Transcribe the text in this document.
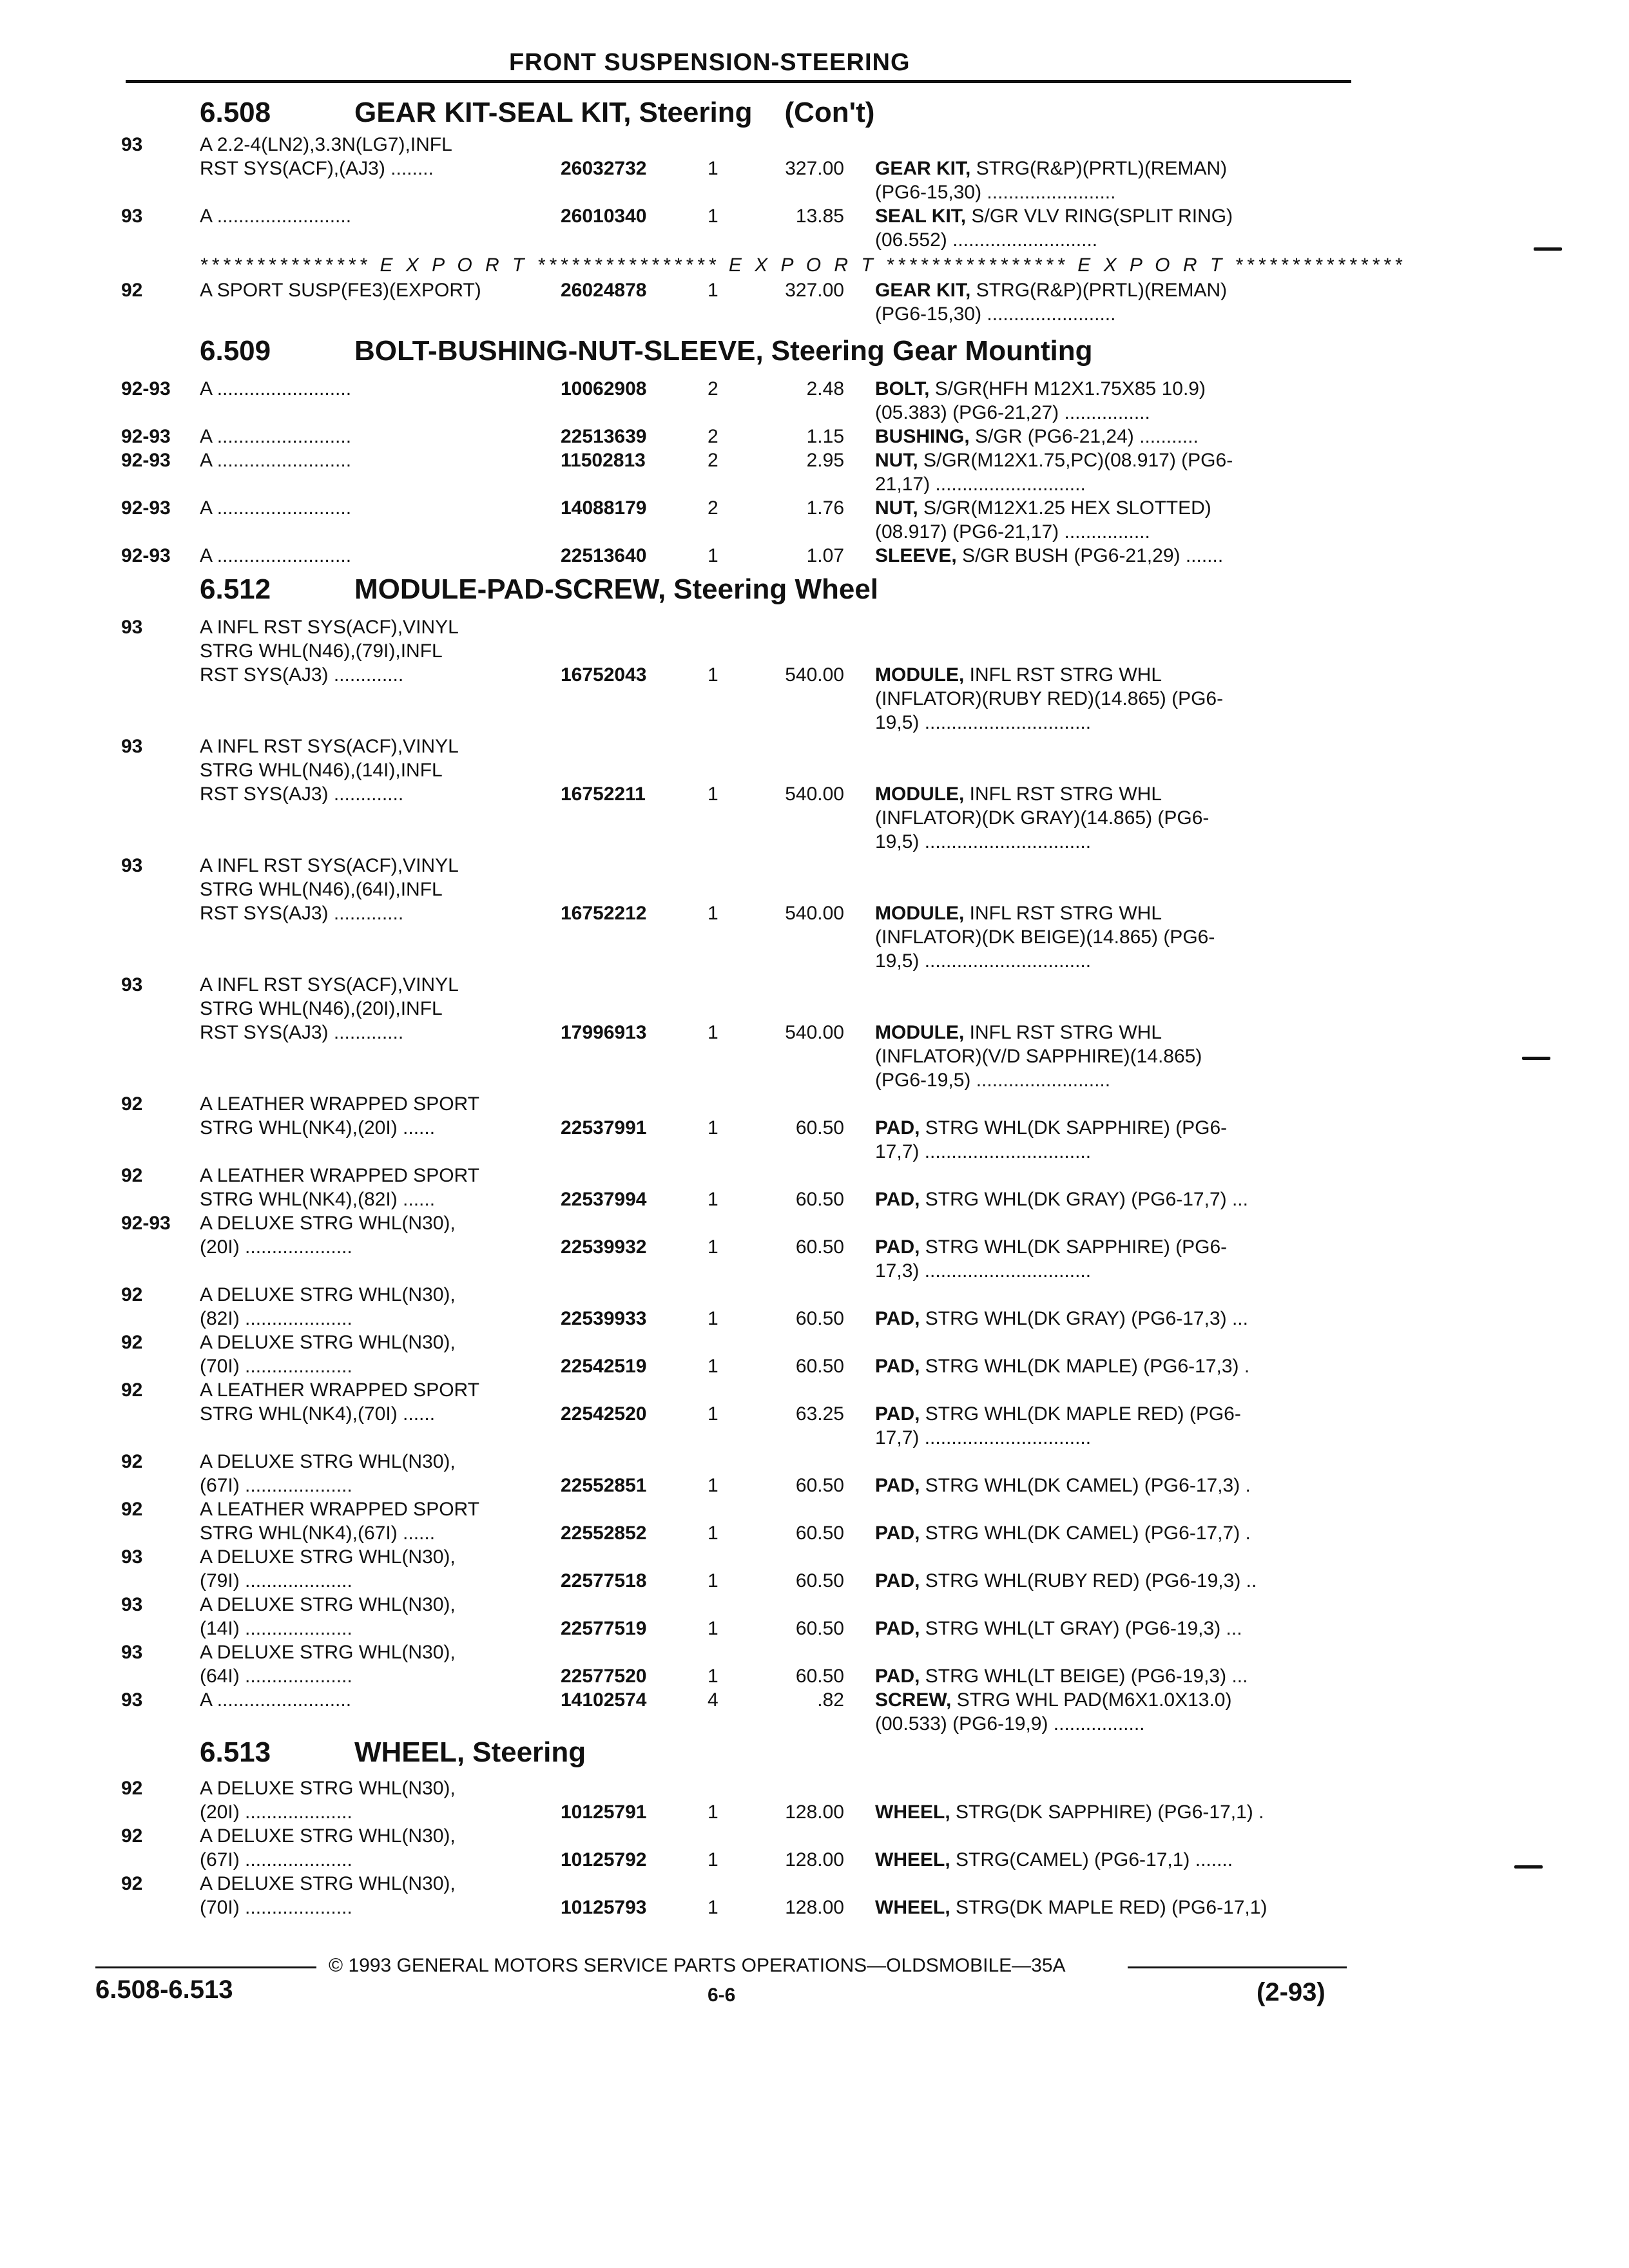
FRONT SUSPENSION-STEERING
6.508	GEAR KIT-SEAL KIT, Steering (Con't)
93	A 2.2-4(LN2),3.3N(LG7),INFL
RST SYS(ACF),(AJ3) ........	26032732	1	327.00 GEAR KIT, STRG(R&P)(PRTL)(REMAN)
(PG6-15,30) ........................
93	A .........................	26010340	1	13.85 SEAL KIT, S/GR VLV RING(SPLIT RING)
(06.552) ...........................
92	A SPORT SUSP(FE3)(EXPORT)	26024878	1	327.00 GEAR KIT, STRG(R&P)(PRTL)(REMAN)
(PG6-15,30) ........................
6.509	BOLT-BUSHING-NUT-SLEEVE, Steering Gear Mounting
92-93 A .........................	10062908	2	2.48 BOLT, S/GR(HFH M12X1.75X85 10.9)
(05.383) (PG6-21,27) ................
92-93 A .........................	22513639	2	1.15 BUSHING, S/GR (PG6-21,24) ...........
92-93 A .........................	11502813	2	2.95 NUT, S/GR(M12X1.75,PC)(08.917) (PG6-
21,17) ............................
92-93 A .........................	14088179	2	1.76 NUT, S/GR(M12X1.25 HEX SLOTTED)
(08.917) (PG6-21,17) ................
92-93 A .........................	22513640	1	1.07 SLEEVE, S/GR BUSH (PG6-21,29) .......
6.512	MODULE-PAD-SCREW, Steering Wheel
93	A INFL RST SYS(ACF),VINYL
STRG WHL(N46),(79I),INFL
RST SYS(AJ3) .............	16752043	1	540.00 MODULE, INFL RST STRG WHL
(INFLATOR)(RUBY RED)(14.865) (PG6-
19,5) ...............................
93	A INFL RST SYS(ACF),VINYL
STRG WHL(N46),(14I),INFL
RST SYS(AJ3) .............	16752211	1	540.00 MODULE, INFL RST STRG WHL
(INFLATOR)(DK GRAY)(14.865) (PG6-
19,5) ...............................
93	A INFL RST SYS(ACF),VINYL
STRG WHL(N46),(64I),INFL
RST SYS(AJ3) .............	16752212	1	540.00 MODULE, INFL RST STRG WHL
(INFLATOR)(DK BEIGE)(14.865) (PG6-
19,5) ...............................
93	A INFL RST SYS(ACF),VINYL
STRG WHL(N46),(20I),INFL
RST SYS(AJ3) .............	17996913	1	540.00 MODULE, INFL RST STRG WHL
(INFLATOR)(V/D SAPPHIRE)(14.865)
(PG6-19,5) .........................
92	A LEATHER WRAPPED SPORT
STRG WHL(NK4),(20I) ......	22537991	1	60.50 PAD, STRG WHL(DK SAPPHIRE) (PG6-
17,7) ...............................
92	A LEATHER WRAPPED SPORT
STRG WHL(NK4),(82I) ......	22537994	1	60.50 PAD, STRG WHL(DK GRAY) (PG6-17,7) ...
92-93 A DELUXE STRG WHL(N30),
(20I) ....................	22539932	1	60.50 PAD, STRG WHL(DK SAPPHIRE) (PG6-
17,3) ...............................
92	A DELUXE STRG WHL(N30),
(82I) ....................	22539933	1	60.50 PAD, STRG WHL(DK GRAY) (PG6-17,3) ...
92	A DELUXE STRG WHL(N30),
(70I) ....................	22542519	1	60.50 PAD, STRG WHL(DK MAPLE) (PG6-17,3) .
92	A LEATHER WRAPPED SPORT
STRG WHL(NK4),(70I) ......	22542520	1	63.25 PAD, STRG WHL(DK MAPLE RED) (PG6-
17,7) ...............................
92	A DELUXE STRG WHL(N30),
(67I) ....................	22552851	1	60.50 PAD, STRG WHL(DK CAMEL) (PG6-17,3) .
92	A LEATHER WRAPPED SPORT
STRG WHL(NK4),(67I) ......	22552852	1	60.50 PAD, STRG WHL(DK CAMEL) (PG6-17,7) .
93	A DELUXE STRG WHL(N30),
(79I) ....................	22577518	1	60.50 PAD, STRG WHL(RUBY RED) (PG6-19,3) ..
93	A DELUXE STRG WHL(N30),
(14I) ....................	22577519	1	60.50 PAD, STRG WHL(LT GRAY) (PG6-19,3) ...
93	A DELUXE STRG WHL(N30),
(64I) ....................	22577520	1	60.50 PAD, STRG WHL(LT BEIGE) (PG6-19,3) ...
93	A .........................	14102574	4	.82 SCREW, STRG WHL PAD(M6X1.0X13.0)
(00.533) (PG6-19,9) .................
6.513	WHEEL, Steering
92	A DELUXE STRG WHL(N30),
(20I) ....................	10125791	1	128.00 WHEEL, STRG(DK SAPPHIRE) (PG6-17,1) .
92	A DELUXE STRG WHL(N30),
(67I) ....................	10125792	1	128.00 WHEEL, STRG(CAMEL) (PG6-17,1) .......
92	A DELUXE STRG WHL(N30),
(70I) ....................	10125793	1	128.00 WHEEL, STRG(DK MAPLE RED) (PG6-17,1)
*************** E X P O R T **************** E X P O R T **************** E X P O R T ***************
© 1993 GENERAL MOTORS SERVICE PARTS OPERATIONS—OLDSMOBILE—35A
6.508-6.513	6-6	(2-93)
